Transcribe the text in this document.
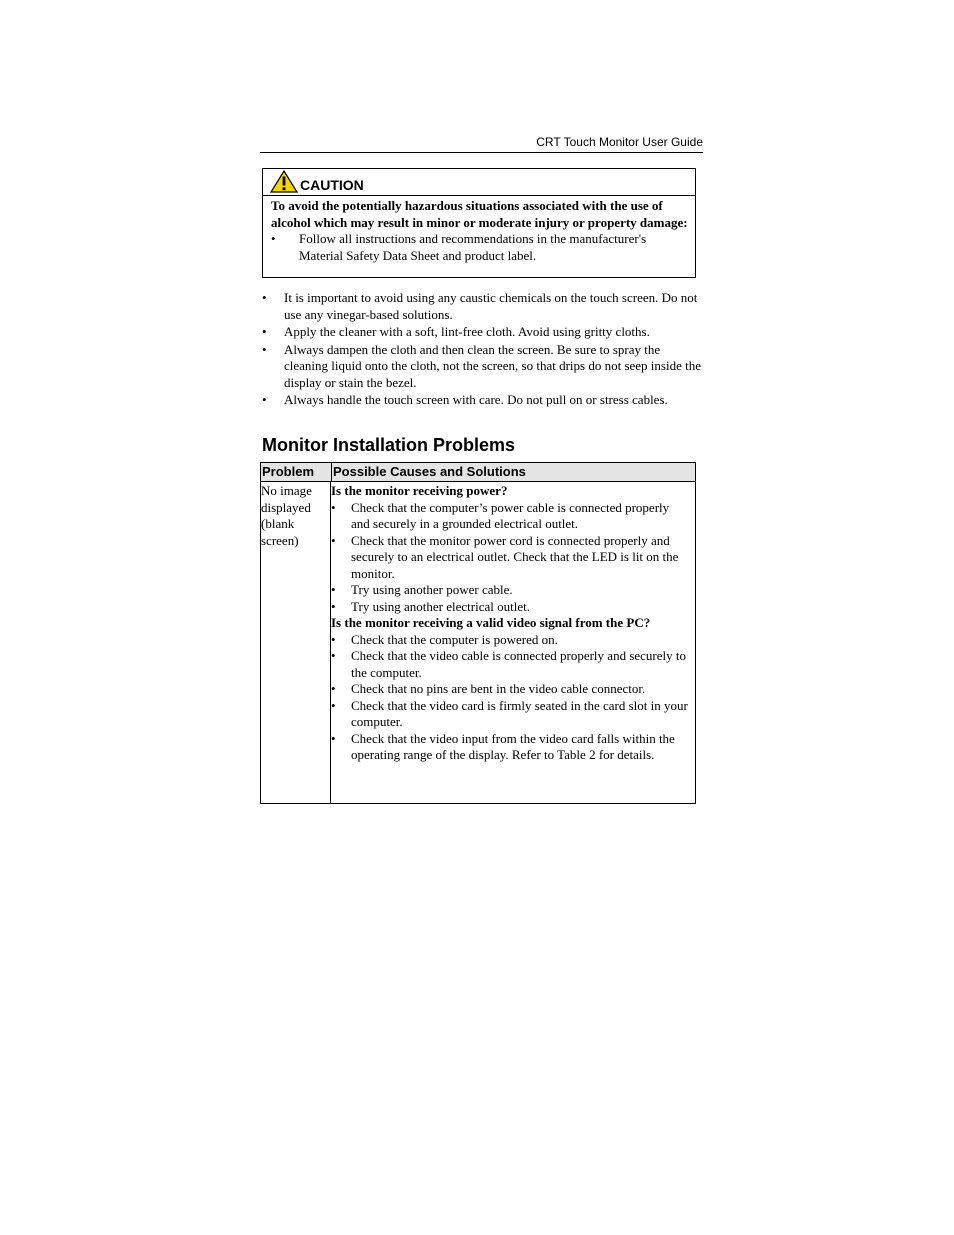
CRT Touch Monitor User Guide
CAUTION
To avoid the potentially hazardous situations associated with the use of alcohol which may result in minor or moderate injury or property damage:
• Follow all instructions and recommendations in the manufacturer's Material Safety Data Sheet and product label.
• It is important to avoid using any caustic chemicals on the touch screen. Do not use any vinegar-based solutions.
• Apply the cleaner with a soft, lint-free cloth. Avoid using gritty cloths.
• Always dampen the cloth and then clean the screen. Be sure to spray the cleaning liquid onto the cloth, not the screen, so that drips do not seep inside the display or stain the bezel.
• Always handle the touch screen with care. Do not pull on or stress cables.
Monitor Installation Problems
Problem	Possible Causes and Solutions
No image displayed (blank screen)
Is the monitor receiving power?
• Check that the computer’s power cable is connected properly and securely in a grounded electrical outlet.
• Check that the monitor power cord is connected properly and securely to an electrical outlet. Check that the LED is lit on the monitor.
• Try using another power cable.
• Try using another electrical outlet.
Is the monitor receiving a valid video signal from the PC?
• Check that the computer is powered on.
• Check that the video cable is connected properly and securely to the computer.
• Check that no pins are bent in the video cable connector.
• Check that the video card is firmly seated in the card slot in your computer.
• Check that the video input from the video card falls within the operating range of the display. Refer to Table 2 for details.
